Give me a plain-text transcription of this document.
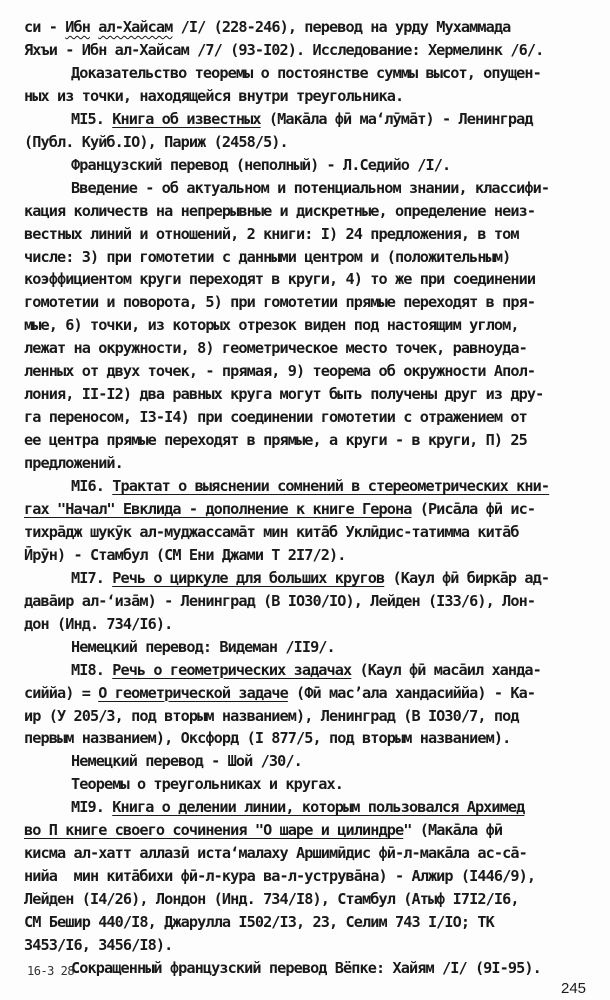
си - Ибн ал-Хайсам /I/ (228-246), перевод на урду Мухаммада
Яхъи - Ибн ал-Хайсам /7/ (93-I02). Исследование: Хермелинк /6/.
Доказательство теоремы о постоянстве суммы высот, опущен-
ных из точки, находящейся внутри треугольника.
MI5. Книга об известных (Макāла фӣ ма‘лӯмāт) - Ленинград
(Публ. Куйб.IO), Париж (2458/5).
Французский перевод (неполный) - Л.Седийо /I/.
Введение - об актуальном и потенциальном знании, классифи-
кация количеств на непрерывные и дискретные, определение неиз-
вестных линий и отношений, 2 книги: I) 24 предложения, в том
числе: 3) при гомотетии с данными центром и (положительным)
коэффициентом круги переходят в круги, 4) то же при соединении
гомотетии и поворота, 5) при гомотетии прямые переходят в пря-
мые, 6) точки, из которых отрезок виден под настоящим углом,
лежат на окружности, 8) геометрическое место точек, равноуда-
ленных от двух точек, - прямая, 9) теорема об окружности Апол-
лония, II-I2) два равных круга могут быть получены друг из дру-
га переносом, I3-I4) при соединении гомотетии с отражением от
ее центра прямые переходят в прямые, а круги - в круги, П) 25
предложений.
MI6. Трактат о выяснении сомнений в стереометрических кни-
гах "Начал" Евклида - дополнение к книге Герона (Рисāла фӣ ис-
тихрāдж шукӯк ал-муджассамāт мин китāб Уклӣдис-татимма китāб
Ӣрӯн) - Стамбул (СМ Ени Джами Т 2I7/2).
MI7. Речь о циркуле для больших кругов (Каул фӣ биркāр ад-
давāир ал-‘изāм) - Ленинград (В IO30/IO), Лейден (I33/6), Лон-
дон (Инд. 734/I6).
Немецкий перевод: Видеман /II9/.
MI8. Речь о геометрических задачах (Каул фӣ масāил ханда-
сиййа) = О геометрической задаче (Фӣ мас’ала хандасиййа) - Ка-
ир (У 205/3, под вторым названием), Ленинград (В IO30/7, под
первым названием), Оксфорд (I 877/5, под вторым названием).
Немецкий перевод - Шой /30/.
Теоремы о треугольниках и кругах.
MI9. Книга о делении линии, которым пользовался Архимед
во П книге своего сочинения "О шаре и цилиндре" (Макāла фӣ
кисма ал-хатт аллазӣ иста‘малаху Аршимӣдис фӣ-л-макāла ас-сā-
нийа  мин китāбихи фӣ-л-кура ва-л-уструвāна) - Алжир (I446/9),
Лейден (I4/26), Лондон (Инд. 734/I8), Стамбул (Атыф I7I2/I6,
СМ Бешир 440/I8, Джарулла I502/I3, 23, Селим 743 I/IO; ТК
3453/I6, 3456/I8).
Сокращенный французский перевод Вёпке: Хайям /I/ (9I-95).
16-3 28
245
